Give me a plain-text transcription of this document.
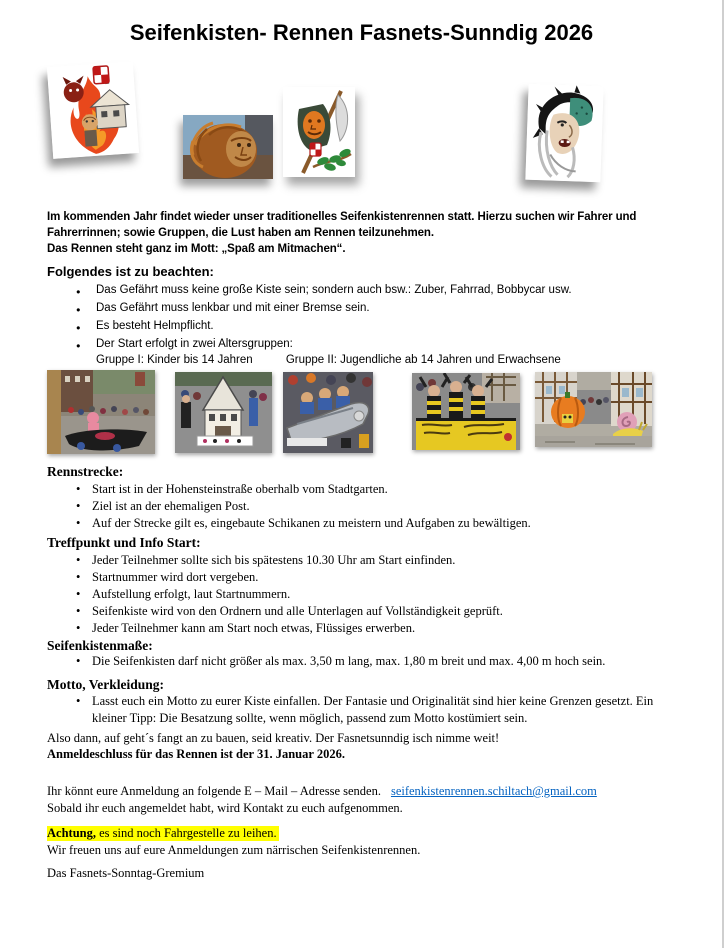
Seifenkisten- Rennen Fasnets-Sunndig 2026
Im kommenden Jahr findet wieder unser traditionelles Seifenkistenrennen statt. Hierzu suchen wir Fahrer und
Fahrerrinnen; sowie Gruppen, die Lust haben am Rennen teilzunehmen.
Das Rennen steht ganz im Mott: „Spaß am Mitmachen“.
Folgendes ist zu beachten:
● Das Gefährt muss keine große Kiste sein; sondern auch bsw.: Zuber, Fahrrad, Bobbycar usw.
● Das Gefährt muss lenkbar und mit einer Bremse sein.
● Es besteht Helmpflicht.
● Der Start erfolgt in zwei Altersgruppen:
Gruppe I: Kinder bis 14 Jahren	Gruppe II: Jugendliche ab 14 Jahren und Erwachsene
Rennstrecke:
• Start ist in der Hohensteinstraße oberhalb vom Stadtgarten.
• Ziel ist an der ehemaligen Post.
• Auf der Strecke gilt es, eingebaute Schikanen zu meistern und Aufgaben zu bewältigen.
Treffpunkt und Info Start:
• Jeder Teilnehmer sollte sich bis spätestens 10.30 Uhr am Start einfinden.
• Startnummer wird dort vergeben.
• Aufstellung erfolgt, laut Startnummern.
• Seifenkiste wird von den Ordnern und alle Unterlagen auf Vollständigkeit geprüft.
• Jeder Teilnehmer kann am Start noch etwas, Flüssiges erwerben.
Seifenkistenmaße:
• Die Seifenkisten darf nicht größer als max. 3,50 m lang, max. 1,80 m breit und max. 4,00 m hoch sein.
Motto, Verkleidung:
• Lasst euch ein Motto zu eurer Kiste einfallen. Der Fantasie und Originalität sind hier keine Grenzen gesetzt. Ein
kleiner Tipp: Die Besatzung sollte, wenn möglich, passend zum Motto kostümiert sein.
Also dann, auf geht´s fangt an zu bauen, seid kreativ. Der Fasnetsunndig isch nimme weit!
Anmeldeschluss für das Rennen ist der 31. Januar 2026.
Ihr könnt eure Anmeldung an folgende E – Mail – Adresse senden. seifenkistenrennen.schiltach@gmail.com
Sobald ihr euch angemeldet habt, wird Kontakt zu euch aufgenommen.
Achtung, es sind noch Fahrgestelle zu leihen.
Wir freuen uns auf eure Anmeldungen zum närrischen Seifenkistenrennen.
Das Fasnets-Sonntag-Gremium
